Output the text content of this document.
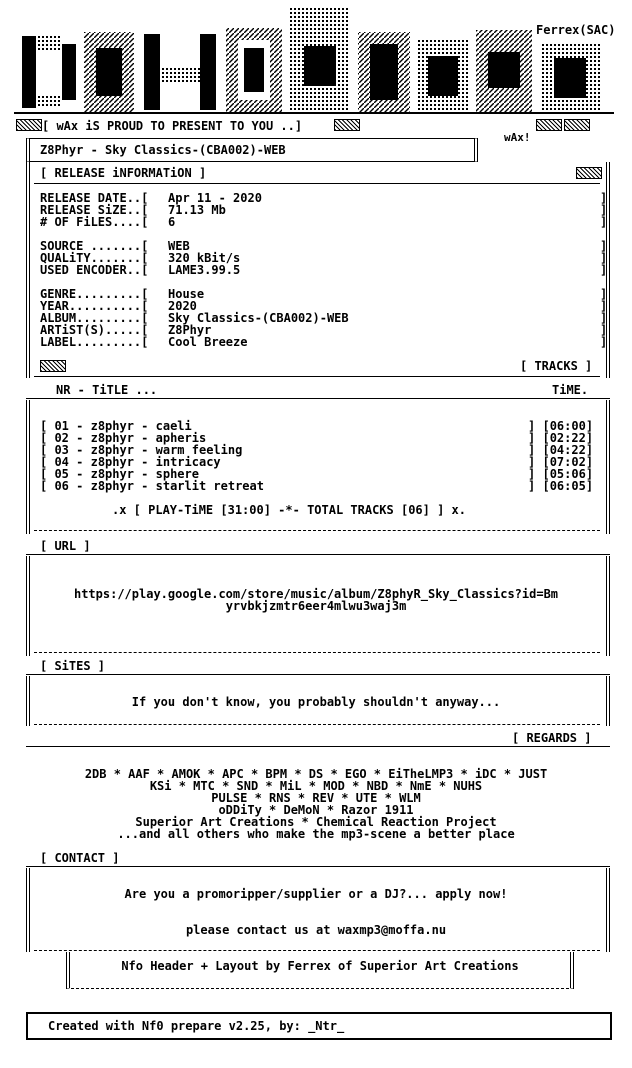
Ferrex(SAC)
[ wAx iS PROUD TO PRESENT TO YOU ..]
wAx!
Z8Phyr - Sky Classics-(CBA002)-WEB
[ RELEASE iNFORMATiON ]
RELEASE DATE..[ Apr 11 - 2020	]
RELEASE SiZE..[ 71.13 Mb	]
# OF FiLES....[ 6	]
SOURCE .......[ WEB	]
QUALiTY.......[ 320 kBit/s	]
USED ENCODER..[ LAME3.99.5	]
GENRE.........[ House	]
YEAR..........[ 2020	]
ALBUM.........[ Sky Classics-(CBA002)-WEB	]
ARTiST(S).....[ Z8Phyr	]
LABEL.........[ Cool Breeze	]
[ TRACKS ]
NR - TiTLE ...	TiME.
[ 01 - z8phyr - caeli	] [06:00]
[ 02 - z8phyr - apheris	] [02:22]
[ 03 - z8phyr - warm feeling	] [04:22]
[ 04 - z8phyr - intricacy	] [07:02]
[ 05 - z8phyr - sphere	] [05:06]
[ 06 - z8phyr - starlit retreat	] [06:05]
.x [ PLAY-TiME [31:00] -*- TOTAL TRACKS [06] ] x.
[ URL ]
https://play.google.com/store/music/album/Z8phyR_Sky_Classics?id=Bm
yrvbkjzmtr6eer4mlwu3waj3m
[ SiTES ]
If you don't know, you probably shouldn't anyway...
[ REGARDS ]
2DB * AAF * AMOK * APC * BPM * DS * EGO * EiTheLMP3 * iDC * JUST
KSi * MTC * SND * MiL * MOD * NBD * NmE * NUHS
PULSE * RNS * REV * UTE * WLM
oDDiTy * DeMoN * Razor 1911
Superior Art Creations * Chemical Reaction Project
...and all others who make the mp3-scene a better place
[ CONTACT ]
Are you a promoripper/supplier or a DJ?... apply now!
please contact us at waxmp3@moffa.nu
Nfo Header + Layout by Ferrex of Superior Art Creations
Created with Nf0 prepare v2.25, by: _Ntr_
